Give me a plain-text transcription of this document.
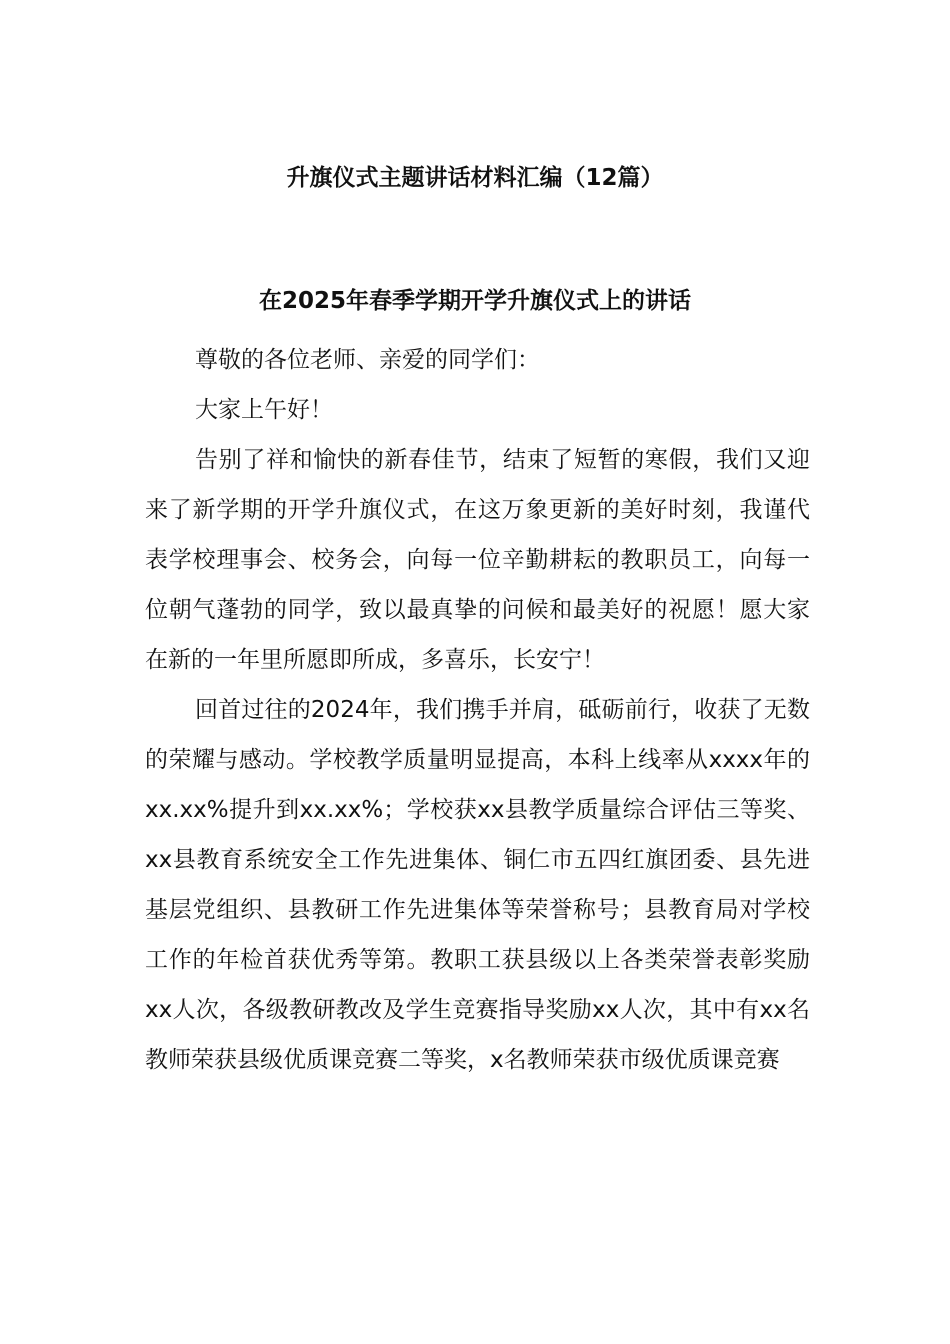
升旗仪式主题讲话材料汇编（12篇）
在2025年春季学期开学升旗仪式上的讲话

尊敬的各位老师、亲爱的同学们：

大家上午好！

告别了祥和愉快的新春佳节，结束了短暂的寒假，我们又迎来了新学期的开学升旗仪式，在这万象更新的美好时刻，我谨代表学校理事会、校务会，向每一位辛勤耕耘的教职员工，向每一位朝气蓬勃的同学，致以最真挚的问候和最美好的祝愿！愿大家在新的一年里所愿即所成，多喜乐，长安宁！

回首过往的2024年，我们携手并肩，砥砺前行，收获了无数的荣耀与感动。学校教学质量明显提高，本科上线率从xxxx年的xx.xx%提升到xx.xx%；学校获xx县教学质量综合评估三等奖、xx县教育系统安全工作先进集体、铜仁市五四红旗团委、县先进基层党组织、县教研工作先进集体等荣誉称号；县教育局对学校工作的年检首获优秀等第。教职工获县级以上各类荣誉表彰奖励xx人次，各级教研教改及学生竞赛指导奖励xx人次，其中有xx名教师荣获县级优质课竞赛二等奖，x名教师荣获市级优质课竞赛
